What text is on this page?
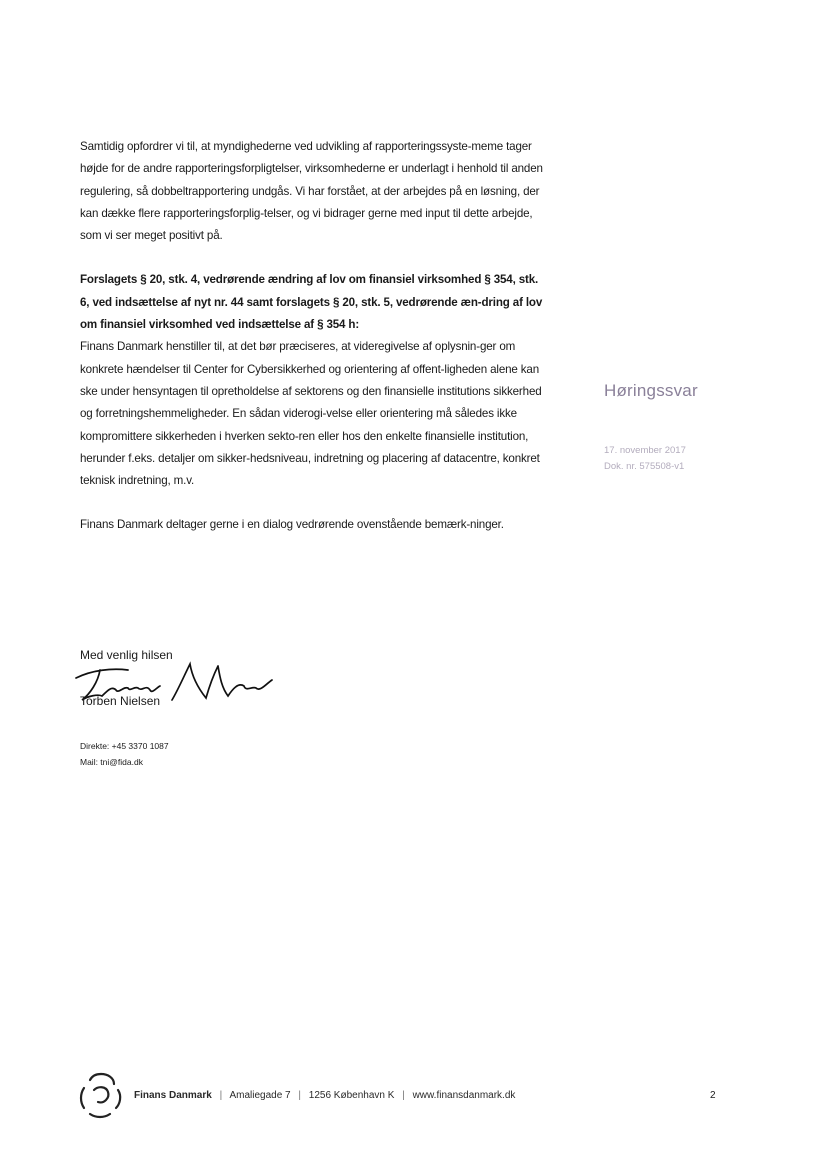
Samtidig opfordrer vi til, at myndighederne ved udvikling af rapporteringssyste-meme tager højde for de andre rapporteringsforpligtelser, virksomhederne er underlagt i henhold til anden regulering, så dobbeltrapportering undgås. Vi har forstået, at der arbejdes på en løsning, der kan dække flere rapporteringsforplig-telser, og vi bidrager gerne med input til dette arbejde, som vi ser meget positivt på.

Forslagets § 20, stk. 4, vedrørende ændring af lov om finansiel virksomhed § 354, stk. 6, ved indsættelse af nyt nr. 44 samt forslagets § 20, stk. 5, vedrørende æn-dring af lov om finansiel virksomhed ved indsættelse af § 354 h:
Finans Danmark henstiller til, at det bør præciseres, at videregivelse af oplysnin-ger om konkrete hændelser til Center for Cybersikkerhed og orientering af offent-ligheden alene kan ske under hensyntagen til opretholdelse af sektorens og den finansielle institutions sikkerhed og forretningshemmeligheder. En sådan viderogi-velse eller orientering må således ikke kompromittere sikkerheden i hverken sekto-ren eller hos den enkelte finansielle institution, herunder f.eks. detaljer om sikker-hedsniveau, indretning og placering af datacentre, konkret teknisk indretning, m.v.

Finans Danmark deltager gerne i en dialog vedrørende ovenstående bemærk-ninger.

Høringssvar
17. november 2017
Dok. nr. 575508-v1
Med venlig hilsen
Torben Nielsen
Direkte: +45 3370 1087
Mail: tni@fida.dk
Finans Danmark | Amaliegade 7 | 1256 København K | www.finansdanmark.dk	2
